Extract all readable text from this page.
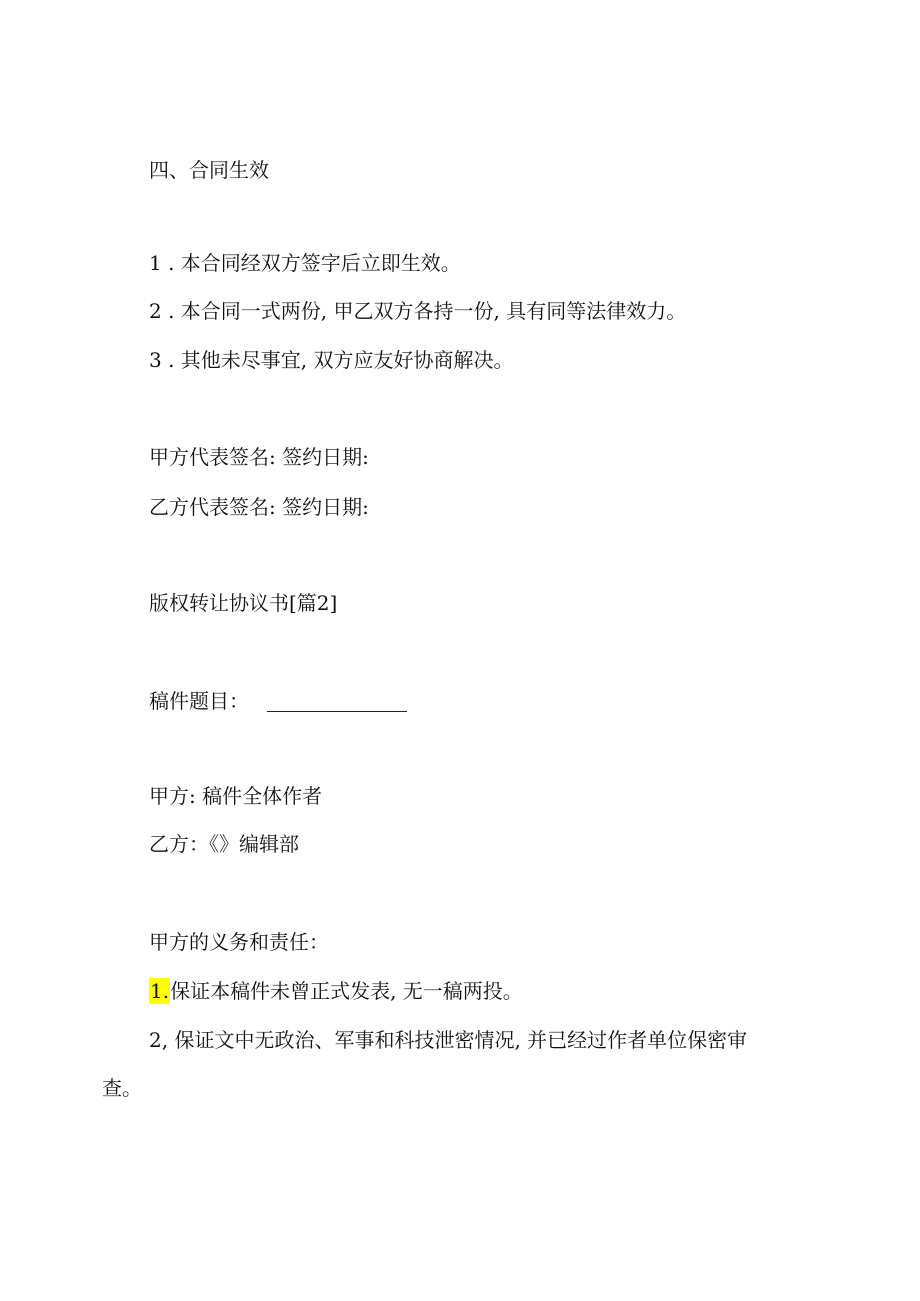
四、合同生效
1 . 本合同经双方签字后立即生效。
2 . 本合同一式两份, 甲乙双方各持一份, 具有同等法律效力。
3 . 其他未尽事宜, 双方应友好协商解决。
甲方代表签名: 签约日期:
乙方代表签名: 签约日期:
版权转让协议书[篇2]
稿件题目：
甲方: 稿件全体作者
乙方：《》编辑部
甲方的义务和责任：
1.保证本稿件未曾正式发表, 无一稿两投。
2, 保证文中无政治、军事和科技泄密情况, 并已经过作者单位保密审
查。
